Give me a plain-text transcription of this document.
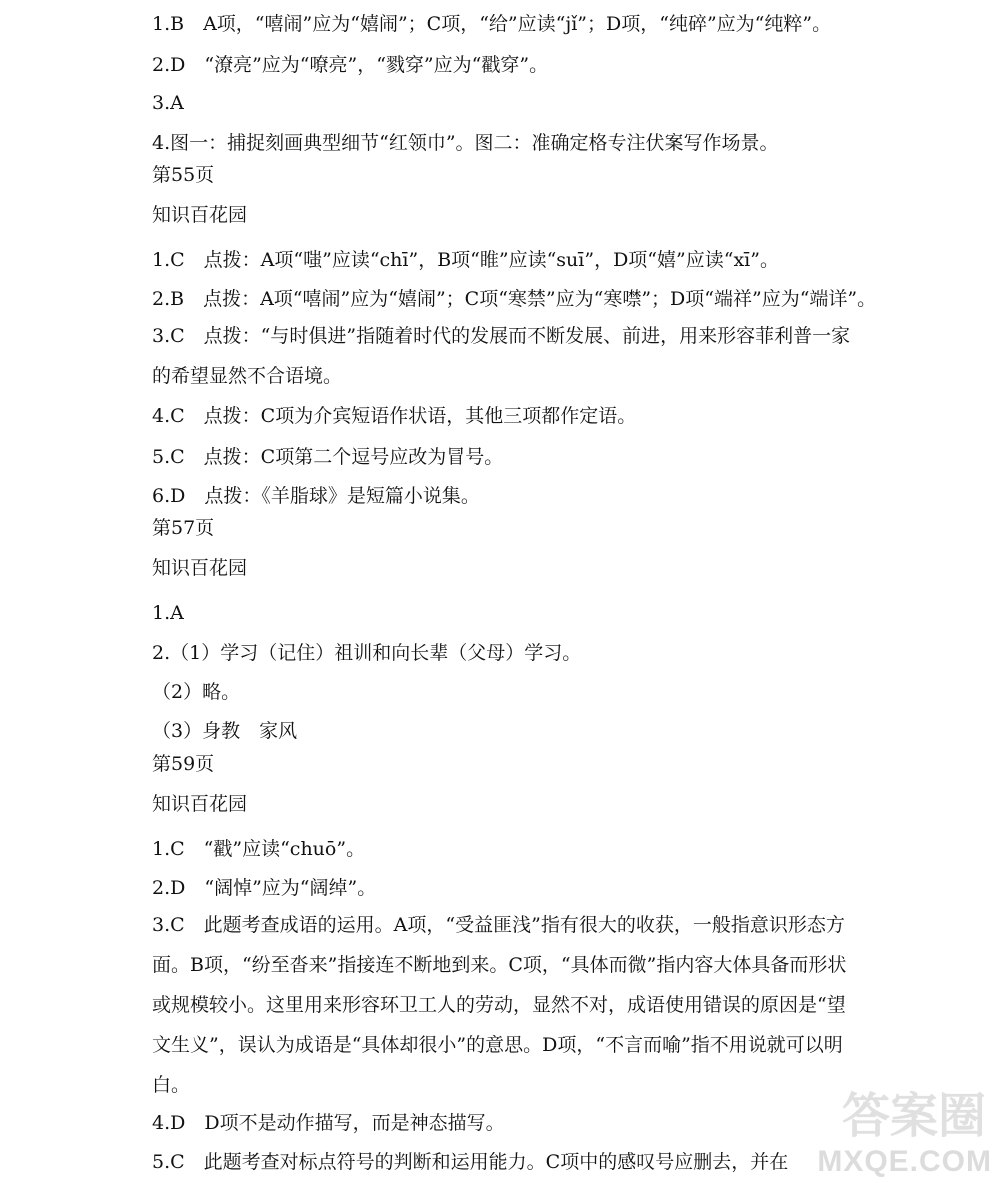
1.B　A项，“嘻闹”应为“嬉闹”；C项，“给”应读“jǐ”；D项，“纯碎”应为“纯粹”。
2.D　“潦亮”应为“嘹亮”，“戮穿”应为“戳穿”。
3.A
4.图一：捕捉刻画典型细节“红领巾”。图二：准确定格专注伏案写作场景。
第55页
知识百花园
1.C　点拨：A项“嗤”应读“chī”，B项“睢”应读“suī”，D项“嬉”应读“xī”。
2.B　点拨：A项“嘻闹”应为“嬉闹”；C项“寒禁”应为“寒噤”；D项“端祥”应为“端详”。
3.C　点拨：“与时俱进”指随着时代的发展而不断发展、前进，用来形容菲利普一家的希望显然不合语境。
4.C　点拨：C项为介宾短语作状语，其他三项都作定语。
5.C　点拨：C项第二个逗号应改为冒号。
6.D　点拨：《羊脂球》是短篇小说集。
第57页
知识百花园
1.A
2.（1）学习（记住）祖训和向长辈（父母）学习。
（2）略。
（3）身教　家风
第59页
知识百花园
1.C　“戳”应读“chuō”。
2.D　“阔悼”应为“阔绰”。
3.C　此题考查成语的运用。A项，“受益匪浅”指有很大的收获，一般指意识形态方面。B项，“纷至沓来”指接连不断地到来。C项，“具体而微”指内容大体具备而形状或规模较小。这里用来形容环卫工人的劳动，显然不对，成语使用错误的原因是“望文生义”，误认为成语是“具体却很小”的意思。D项，“不言而喻”指不用说就可以明白。
4.D　D项不是动作描写，而是神态描写。
5.C　此题考查对标点符号的判断和运用能力。C项中的感叹号应删去，并在
答案圈
MXQE.COM
